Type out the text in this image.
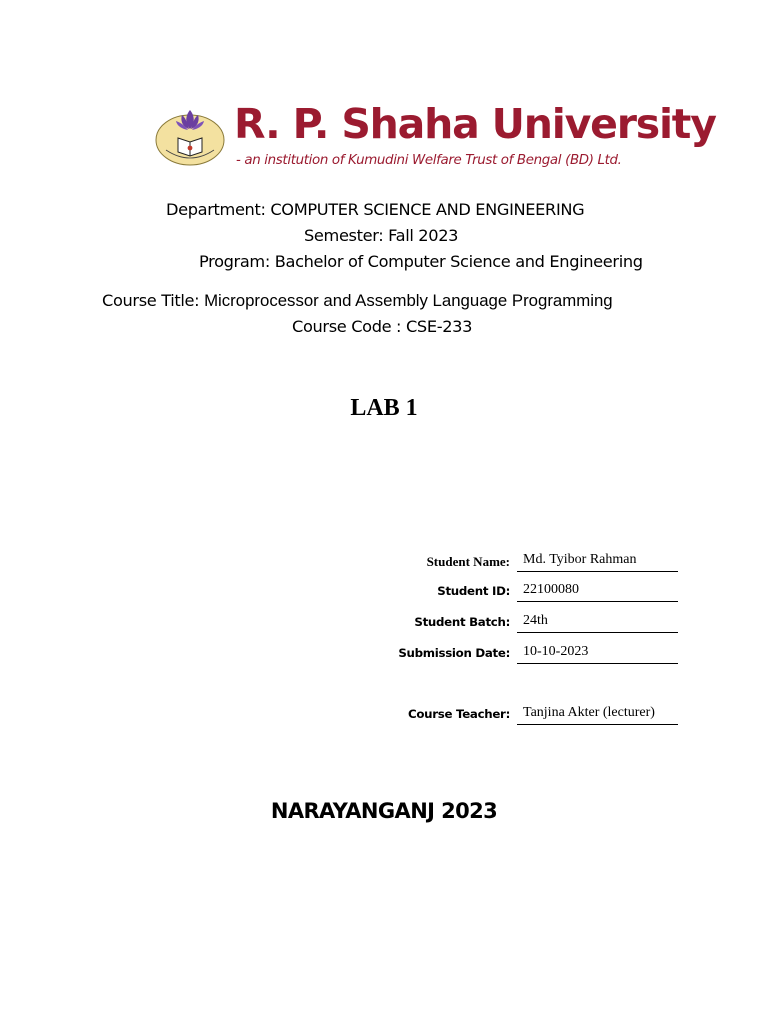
R. P. Shaha University
- an institution of Kumudini Welfare Trust of Bengal (BD) Ltd.
Department: COMPUTER SCIENCE AND ENGINEERING
Semester: Fall 2023
Program: Bachelor of Computer Science and Engineering
Course Title: Microprocessor and Assembly Language Programming
Course Code : CSE-233
LAB 1
Student Name: Md. Tyibor Rahman
Student ID: 22100080
Student Batch: 24th
Submission Date: 10-10-2023
Course Teacher: Tanjina Akter (lecturer)
NARAYANGANJ 2023
